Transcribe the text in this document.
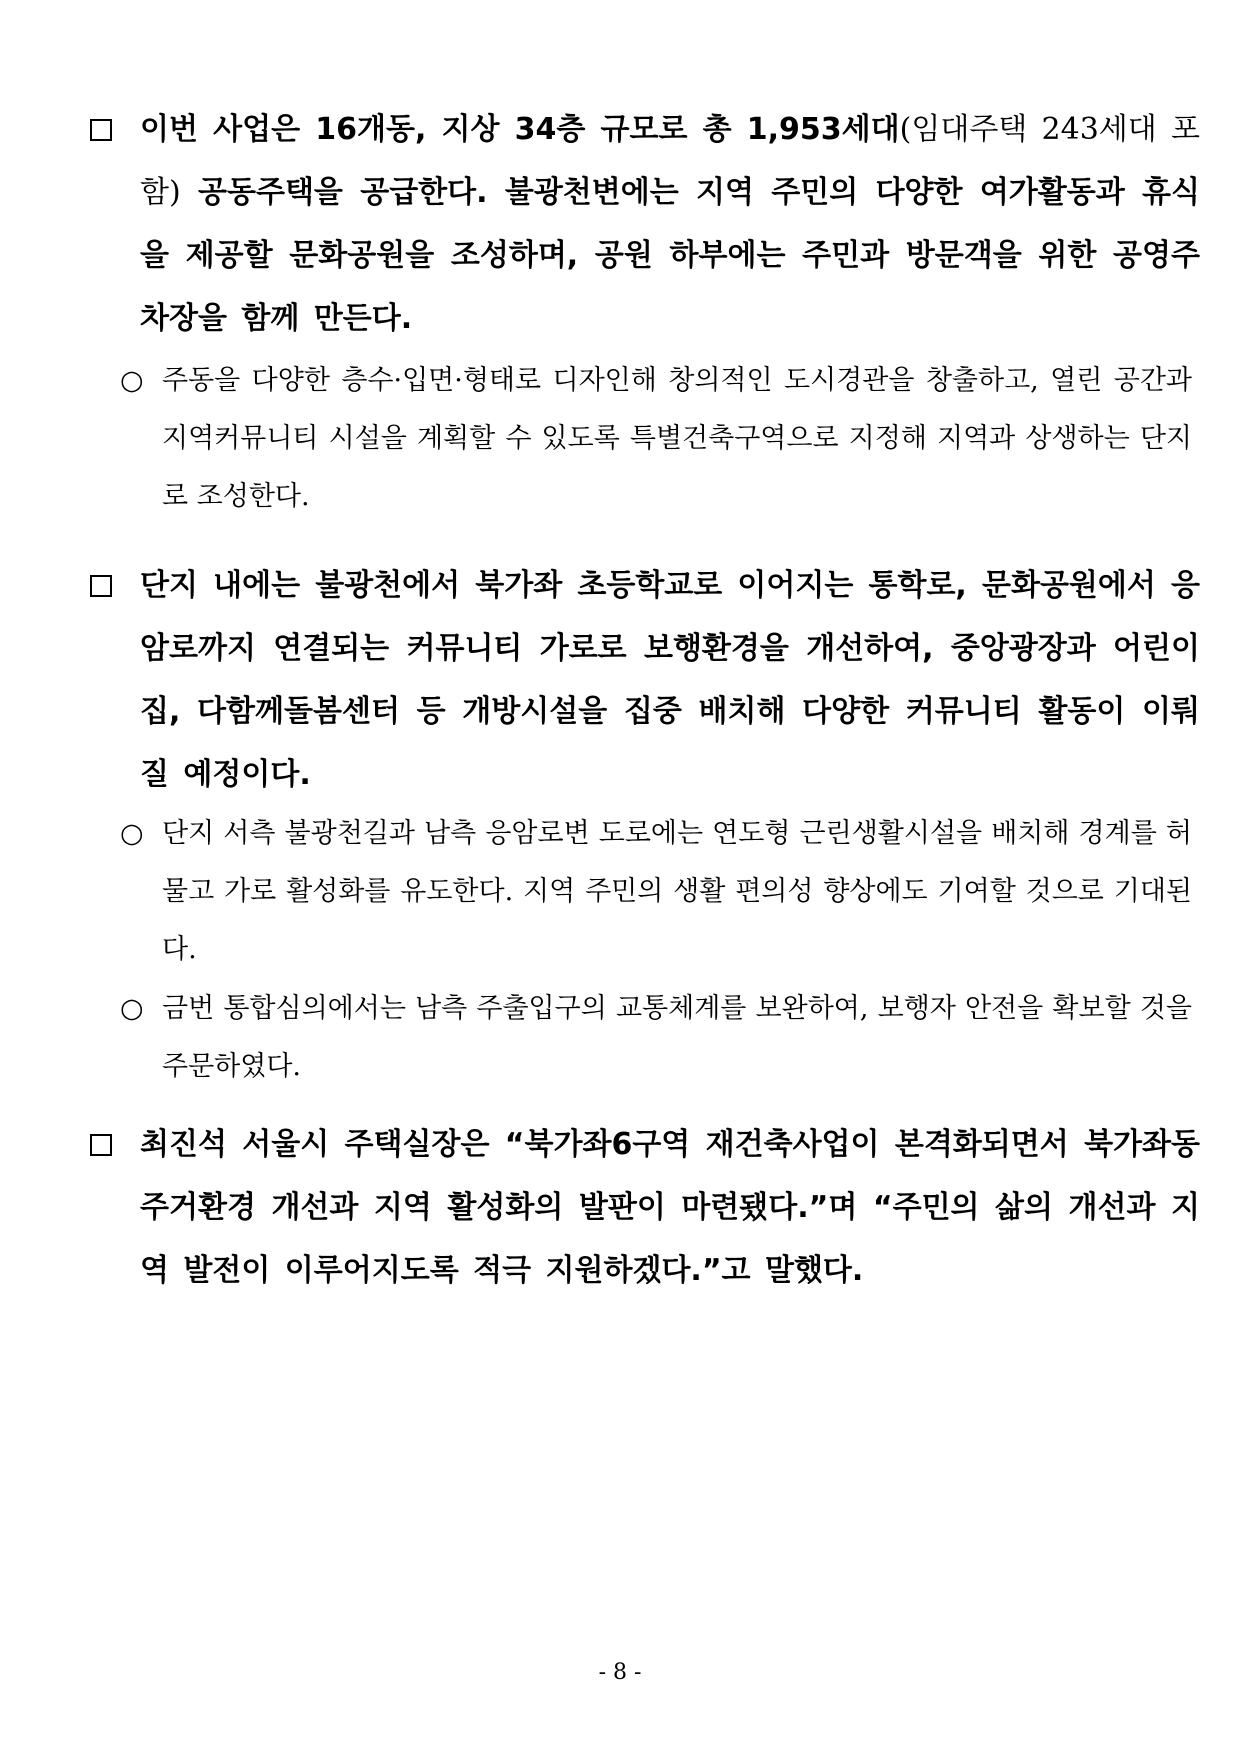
이번 사업은 16개동, 지상 34층 규모로 총 1,953세대(임대주택 243세대 포함) 공동주택을 공급한다. 불광천변에는 지역 주민의 다양한 여가활동과 휴식을 제공할 문화공원을 조성하며, 공원 하부에는 주민과 방문객을 위한 공영주차장을 함께 만든다.
○ 주동을 다양한 층수·입면·형태로 디자인해 창의적인 도시경관을 창출하고, 열린 공간과 지역커뮤니티 시설을 계획할 수 있도록 특별건축구역으로 지정해 지역과 상생하는 단지로 조성한다.
단지 내에는 불광천에서 북가좌 초등학교로 이어지는 통학로, 문화공원에서 응암로까지 연결되는 커뮤니티 가로로 보행환경을 개선하여, 중앙광장과 어린이집, 다함께돌봄센터 등 개방시설을 집중 배치해 다양한 커뮤니티 활동이 이뤄질 예정이다.
○ 단지 서측 불광천길과 남측 응암로변 도로에는 연도형 근린생활시설을 배치해 경계를 허물고 가로 활성화를 유도한다. 지역 주민의 생활 편의성 향상에도 기여할 것으로 기대된다.
○ 금번 통합심의에서는 남측 주출입구의 교통체계를 보완하여, 보행자 안전을 확보할 것을 주문하였다.
최진석 서울시 주택실장은 “북가좌6구역 재건축사업이 본격화되면서 북가좌동 주거환경 개선과 지역 활성화의 발판이 마련됐다.”며 “주민의 삶의 개선과 지역 발전이 이루어지도록 적극 지원하겠다.”고 말했다.
- 8 -
